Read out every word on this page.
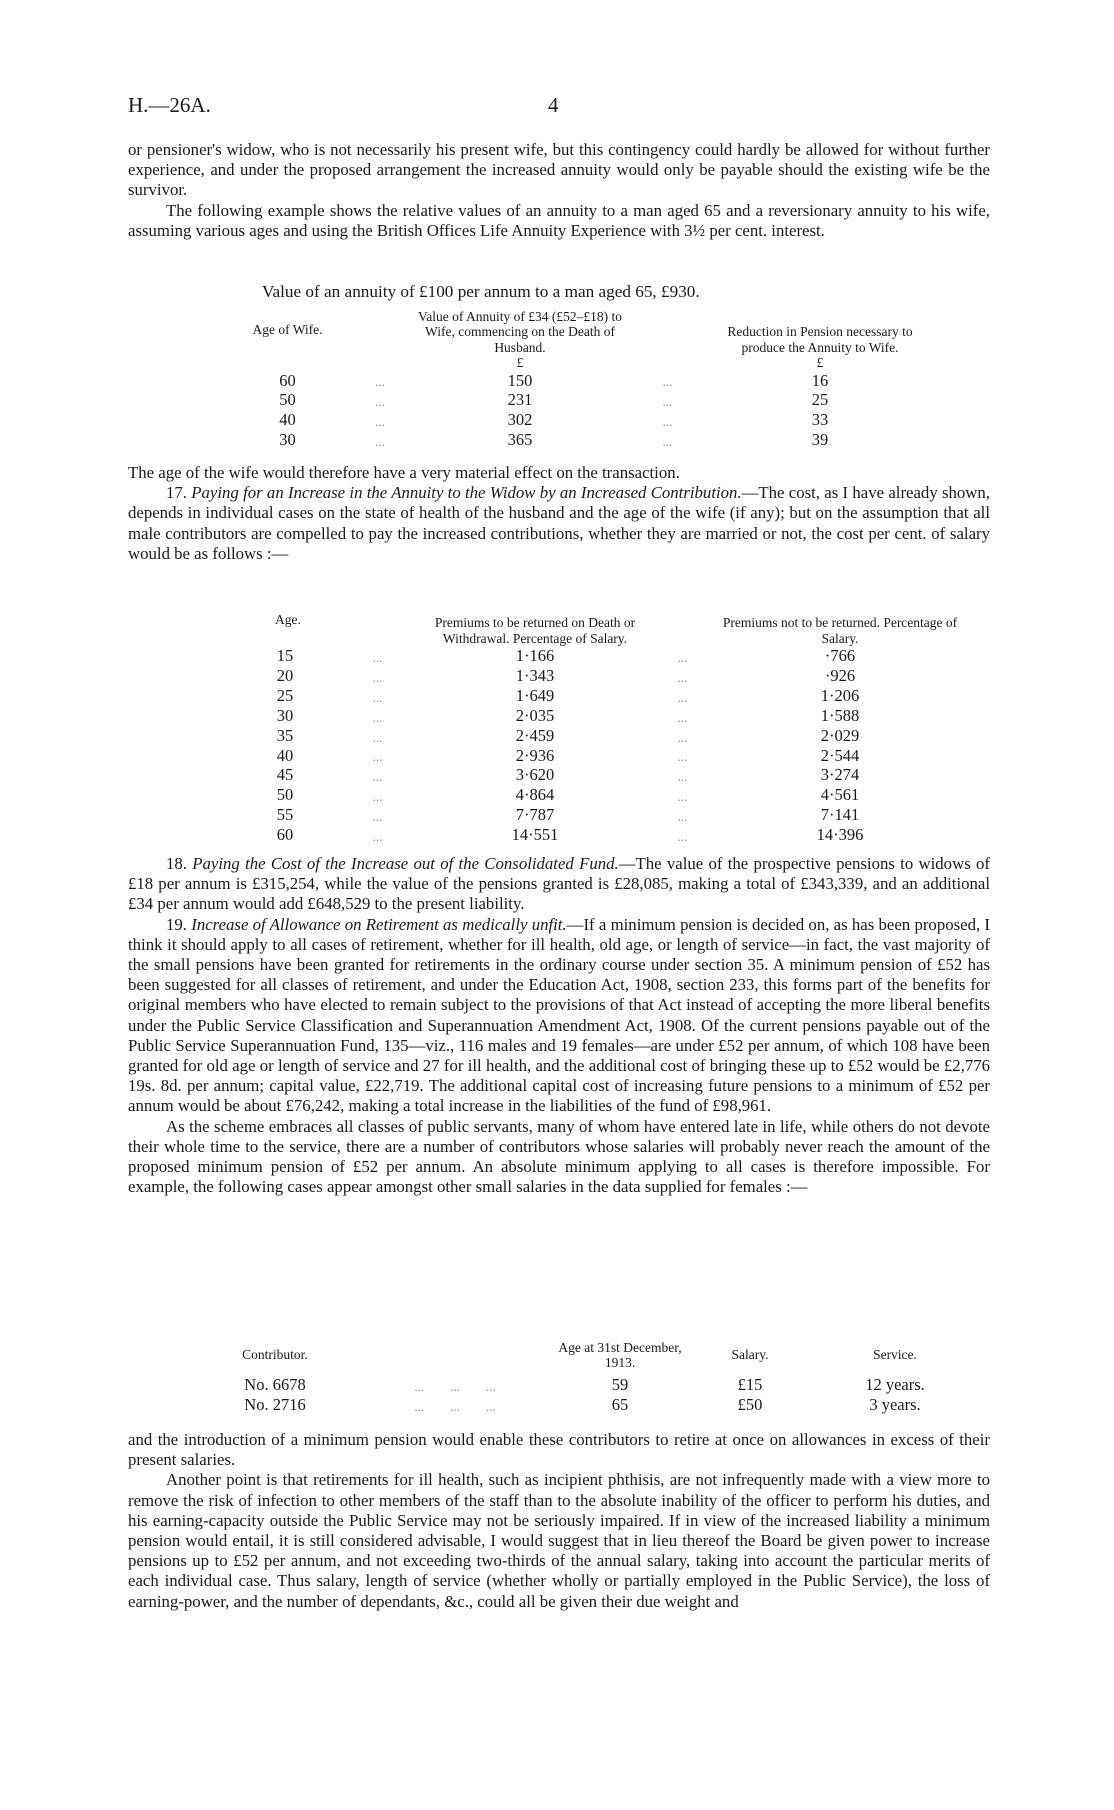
H.—26A.	4

or pensioner's widow, who is not necessarily his present wife, but this contingency could hardly be allowed for without further experience, and under the proposed arrangement the increased annuity would only be payable should the existing wife be the survivor.

The following example shows the relative values of an annuity to a man aged 65 and a reversionary annuity to his wife, assuming various ages and using the British Offices Life Annuity Experience with 3½ per cent. interest.

Value of an annuity of £100 per annum to a man aged 65, £930.
Age of Wife.		Value of Annuity of £34 (£52–£18) to Wife, commencing on the Death of Husband.		Reduction in Pension necessary to produce the Annuity to Wife.
		£		£
60	...	150	...	16
50	...	231	...	25
40	...	302	...	33
30	...	365	...	39

The age of the wife would therefore have a very material effect on the transaction.

17. Paying for an Increase in the Annuity to the Widow by an Increased Contribution.—The cost, as I have already shown, depends in individual cases on the state of health of the husband and the age of the wife (if any); but on the assumption that all male contributors are compelled to pay the increased contributions, whether they are married or not, the cost per cent. of salary would be as follows :—

Age.		Premiums to be returned on Death or Withdrawal. Percentage of Salary.		Premiums not to be returned. Percentage of Salary.
15	...	1·166	...	·766
20	...	1·343	...	·926
25	...	1·649	...	1·206
30	...	2·035	...	1·588
35	...	2·459	...	2·029
40	...	2·936	...	2·544
45	...	3·620	...	3·274
50	...	4·864	...	4·561
55	...	7·787	...	7·141
60	...	14·551	...	14·396

18. Paying the Cost of the Increase out of the Consolidated Fund.—The value of the prospective pensions to widows of £18 per annum is £315,254, while the value of the pensions granted is £28,085, making a total of £343,339, and an additional £34 per annum would add £648,529 to the present liability.

19. Increase of Allowance on Retirement as medically unfit.—If a minimum pension is decided on, as has been proposed, I think it should apply to all cases of retirement, whether for ill health, old age, or length of service—in fact, the vast majority of the small pensions have been granted for retirements in the ordinary course under section 35. A minimum pension of £52 has been suggested for all classes of retirement, and under the Education Act, 1908, section 233, this forms part of the benefits for original members who have elected to remain subject to the provisions of that Act instead of accepting the more liberal benefits under the Public Service Classification and Superannuation Amendment Act, 1908. Of the current pensions payable out of the Public Service Superannuation Fund, 135—viz., 116 males and 19 females—are under £52 per annum, of which 108 have been granted for old age or length of service and 27 for ill health, and the additional cost of bringing these up to £52 would be £2,776 19s. 8d. per annum; capital value, £22,719. The additional capital cost of increasing future pensions to a minimum of £52 per annum would be about £76,242, making a total increase in the liabilities of the fund of £98,961.

As the scheme embraces all classes of public servants, many of whom have entered late in life, while others do not devote their whole time to the service, there are a number of contributors whose salaries will probably never reach the amount of the proposed minimum pension of £52 per annum. An absolute minimum applying to all cases is therefore impossible. For example, the following cases appear amongst other small salaries in the data supplied for females :—

Contributor.		Age at 31st December, 1913.	Salary.	Service.
No. 6678	... ... ...	59	£15	12 years.
No. 2716	... ... ...	65	£50	3 years.

and the introduction of a minimum pension would enable these contributors to retire at once on allowances in excess of their present salaries.

Another point is that retirements for ill health, such as incipient phthisis, are not infrequently made with a view more to remove the risk of infection to other members of the staff than to the absolute inability of the officer to perform his duties, and his earning-capacity outside the Public Service may not be seriously impaired. If in view of the increased liability a minimum pension would entail, it is still considered advisable, I would suggest that in lieu thereof the Board be given power to increase pensions up to £52 per annum, and not exceeding two-thirds of the annual salary, taking into account the particular merits of each individual case. Thus salary, length of service (whether wholly or partially employed in the Public Service), the loss of earning-power, and the number of dependants, &c., could all be given their due weight and
